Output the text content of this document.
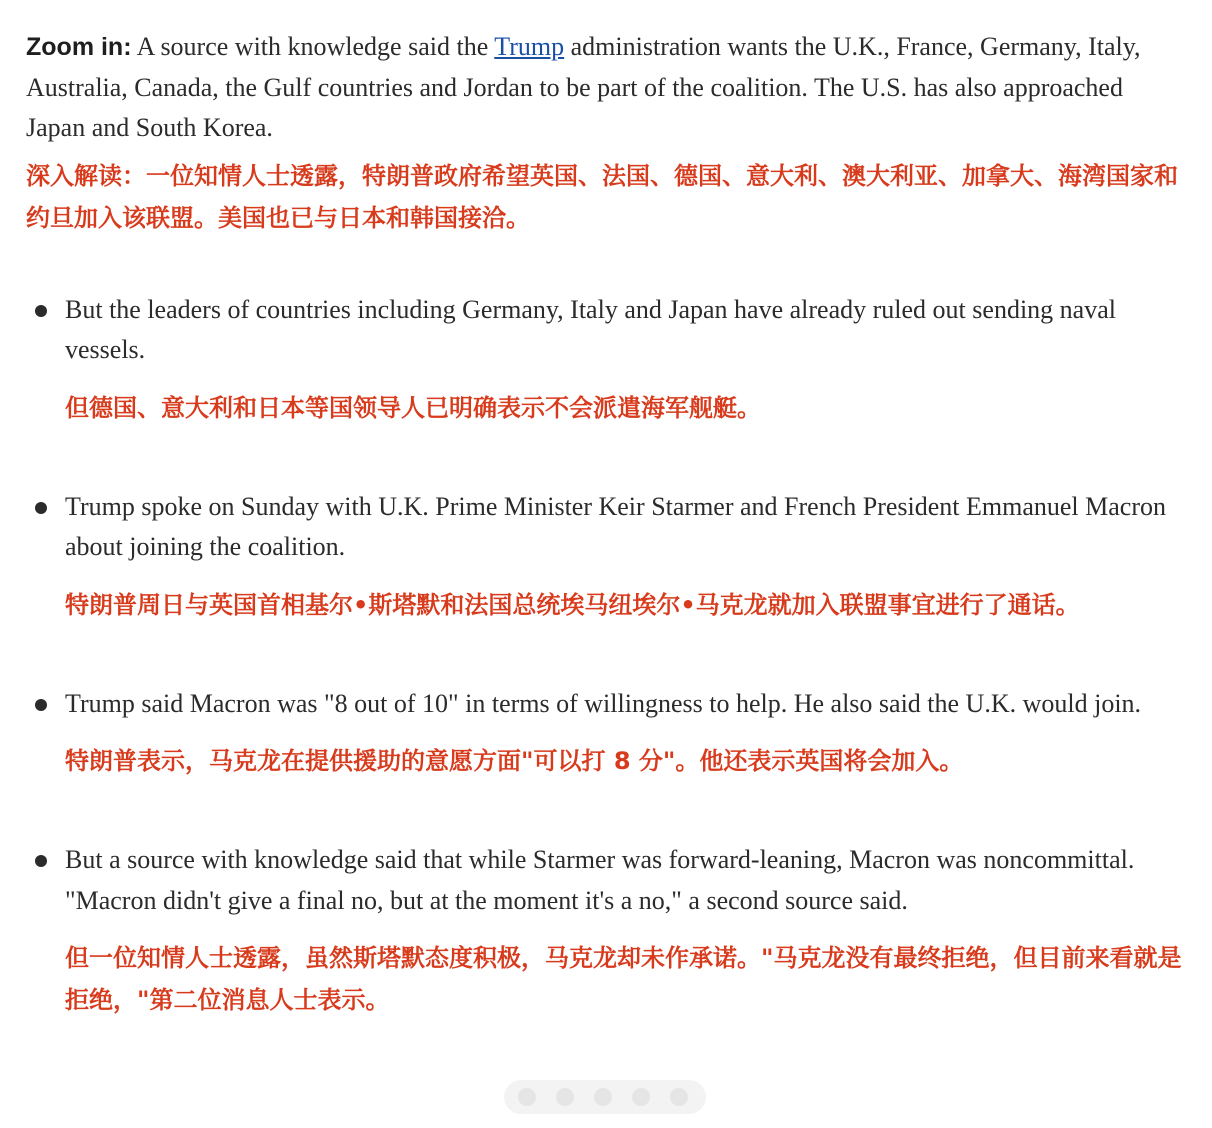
Zoom in: A source with knowledge said the Trump administration wants the U.K., France, Germany, Italy, Australia, Canada, the Gulf countries and Jordan to be part of the coalition. The U.S. has also approached Japan and South Korea.

深入解读：一位知情人士透露，特朗普政府希望英国、法国、德国、意大利、澳大利亚、加拿大、海湾国家和约旦加入该联盟。美国也已与日本和韩国接洽。

But the leaders of countries including Germany, Italy and Japan have already ruled out sending naval vessels.

但德国、意大利和日本等国领导人已明确表示不会派遣海军舰艇。

Trump spoke on Sunday with U.K. Prime Minister Keir Starmer and French President Emmanuel Macron about joining the coalition.

特朗普周日与英国首相基尔•斯塔默和法国总统埃马纽埃尔•马克龙就加入联盟事宜进行了通话。

Trump said Macron was "8 out of 10" in terms of willingness to help. He also said the U.K. would join.

特朗普表示，马克龙在提供援助的意愿方面"可以打 8 分"。他还表示英国将会加入。

But a source with knowledge said that while Starmer was forward-leaning, Macron was noncommittal. "Macron didn't give a final no, but at the moment it's a no," a second source said.

但一位知情人士透露，虽然斯塔默态度积极，马克龙却未作承诺。"马克龙没有最终拒绝，但目前来看就是拒绝，"第二位消息人士表示。
